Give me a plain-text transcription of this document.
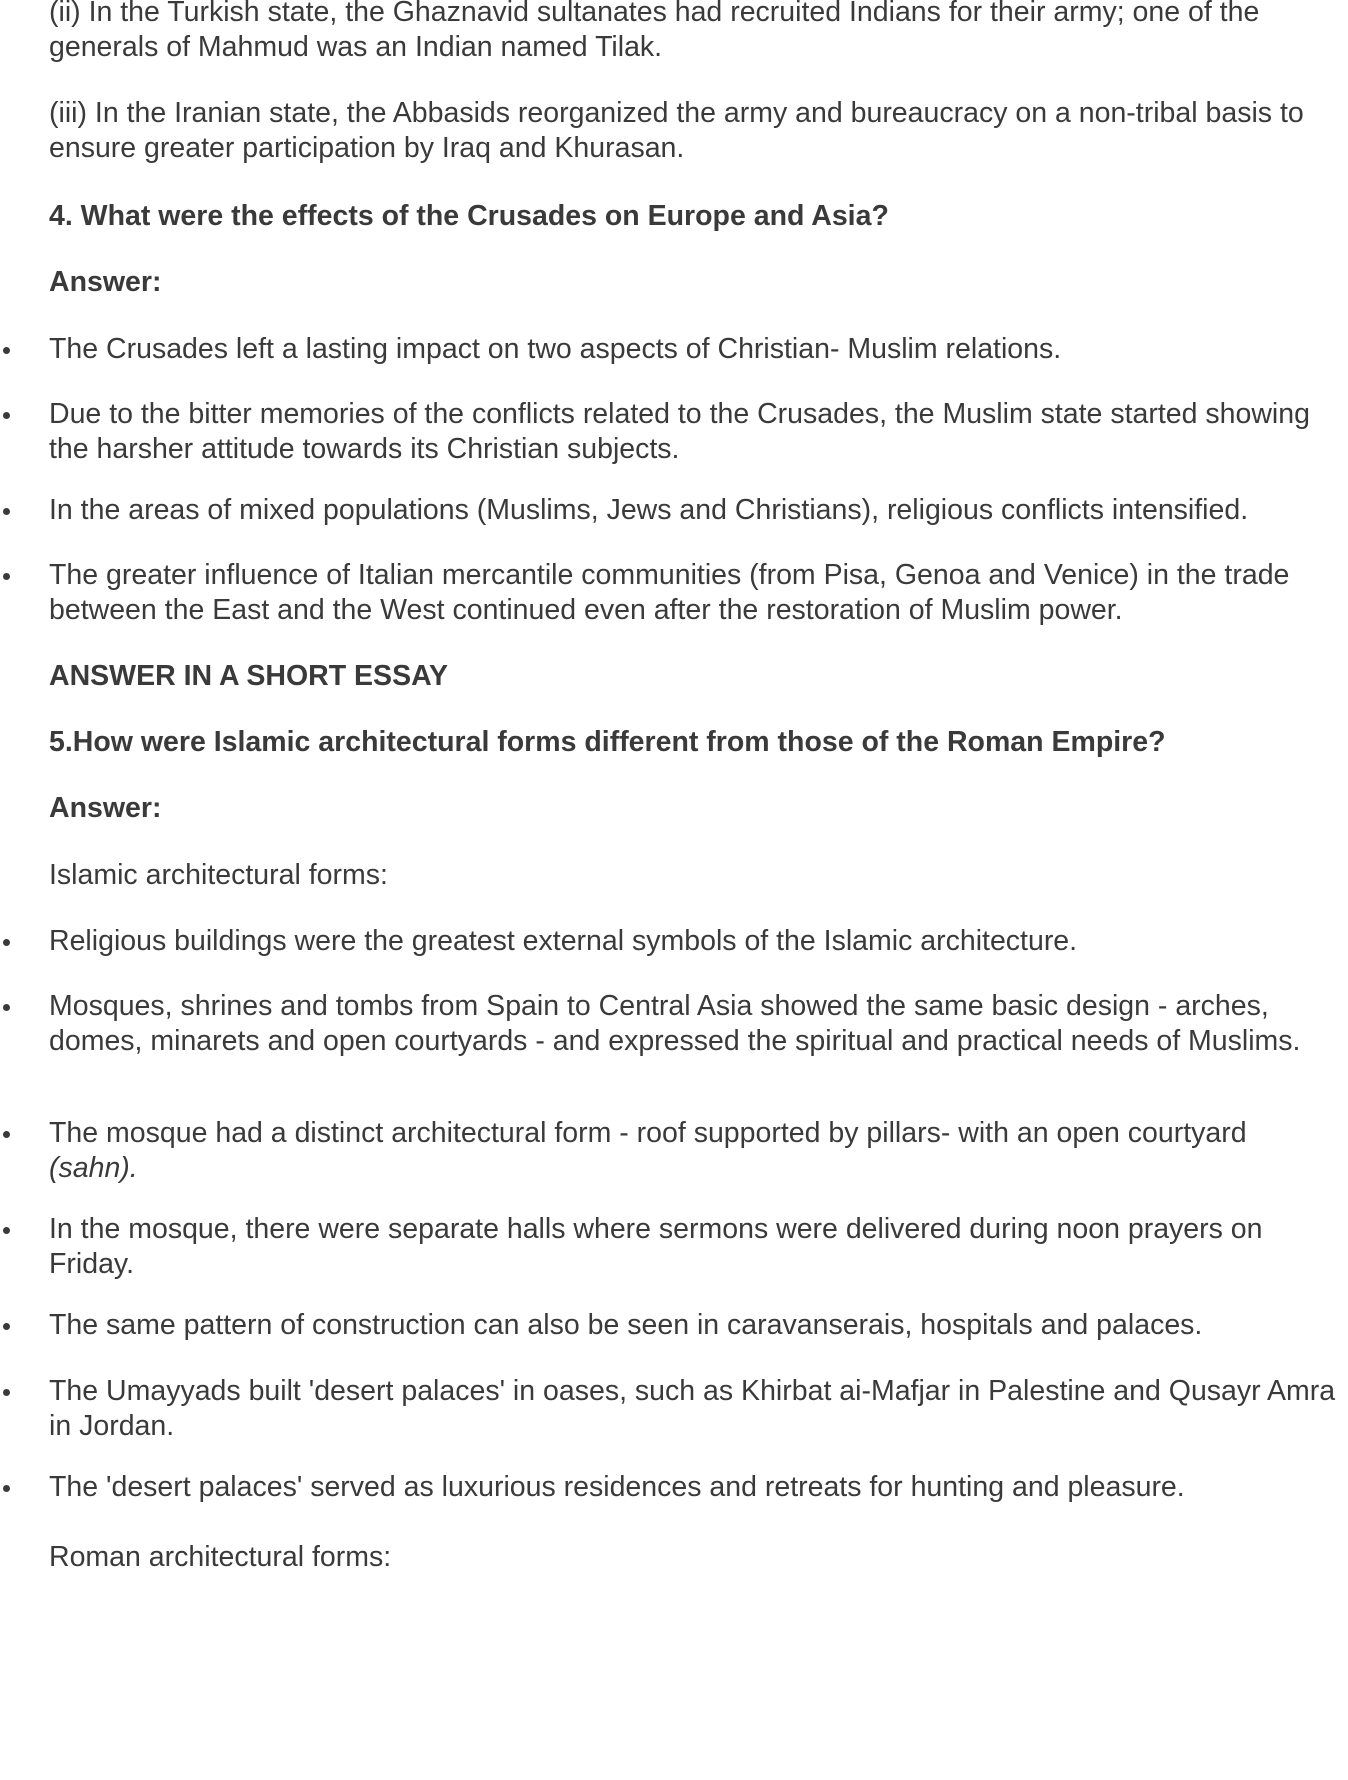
(ii) In the Turkish state, the Ghaznavid sultanates had recruited Indians for their army; one of the generals of Mahmud was an Indian named Tilak.

(iii) In the Iranian state, the Abbasids reorganized the army and bureaucracy on a non-tribal basis to ensure greater participation by Iraq and Khurasan.

4. What were the effects of the Crusades on Europe and Asia?

Answer:

The Crusades left a lasting impact on two aspects of Christian- Muslim relations.
Due to the bitter memories of the conflicts related to the Crusades, the Muslim state started showing the harsher attitude towards its Christian subjects.
In the areas of mixed populations (Muslims, Jews and Christians), religious conflicts intensified.
The greater influence of Italian mercantile communities (from Pisa, Genoa and Venice) in the trade between the East and the West continued even after the restoration of Muslim power.

ANSWER IN A SHORT ESSAY

5.How were Islamic architectural forms different from those of the Roman Empire?

Answer:

Islamic architectural forms:

Religious buildings were the greatest external symbols of the Islamic architecture.
Mosques, shrines and tombs from Spain to Central Asia showed the same basic design - arches, domes, minarets and open courtyards - and expressed the spiritual and practical needs of Muslims.
The mosque had a distinct architectural form - roof supported by pillars- with an open courtyard (sahn).
In the mosque, there were separate halls where sermons were delivered during noon prayers on Friday.
The same pattern of construction can also be seen in caravanserais, hospitals and palaces.
The Umayyads built 'desert palaces' in oases, such as Khirbat ai-Mafjar in Palestine and Qusayr Amra in Jordan.
The 'desert palaces' served as luxurious residences and retreats for hunting and pleasure.

Roman architectural forms:
